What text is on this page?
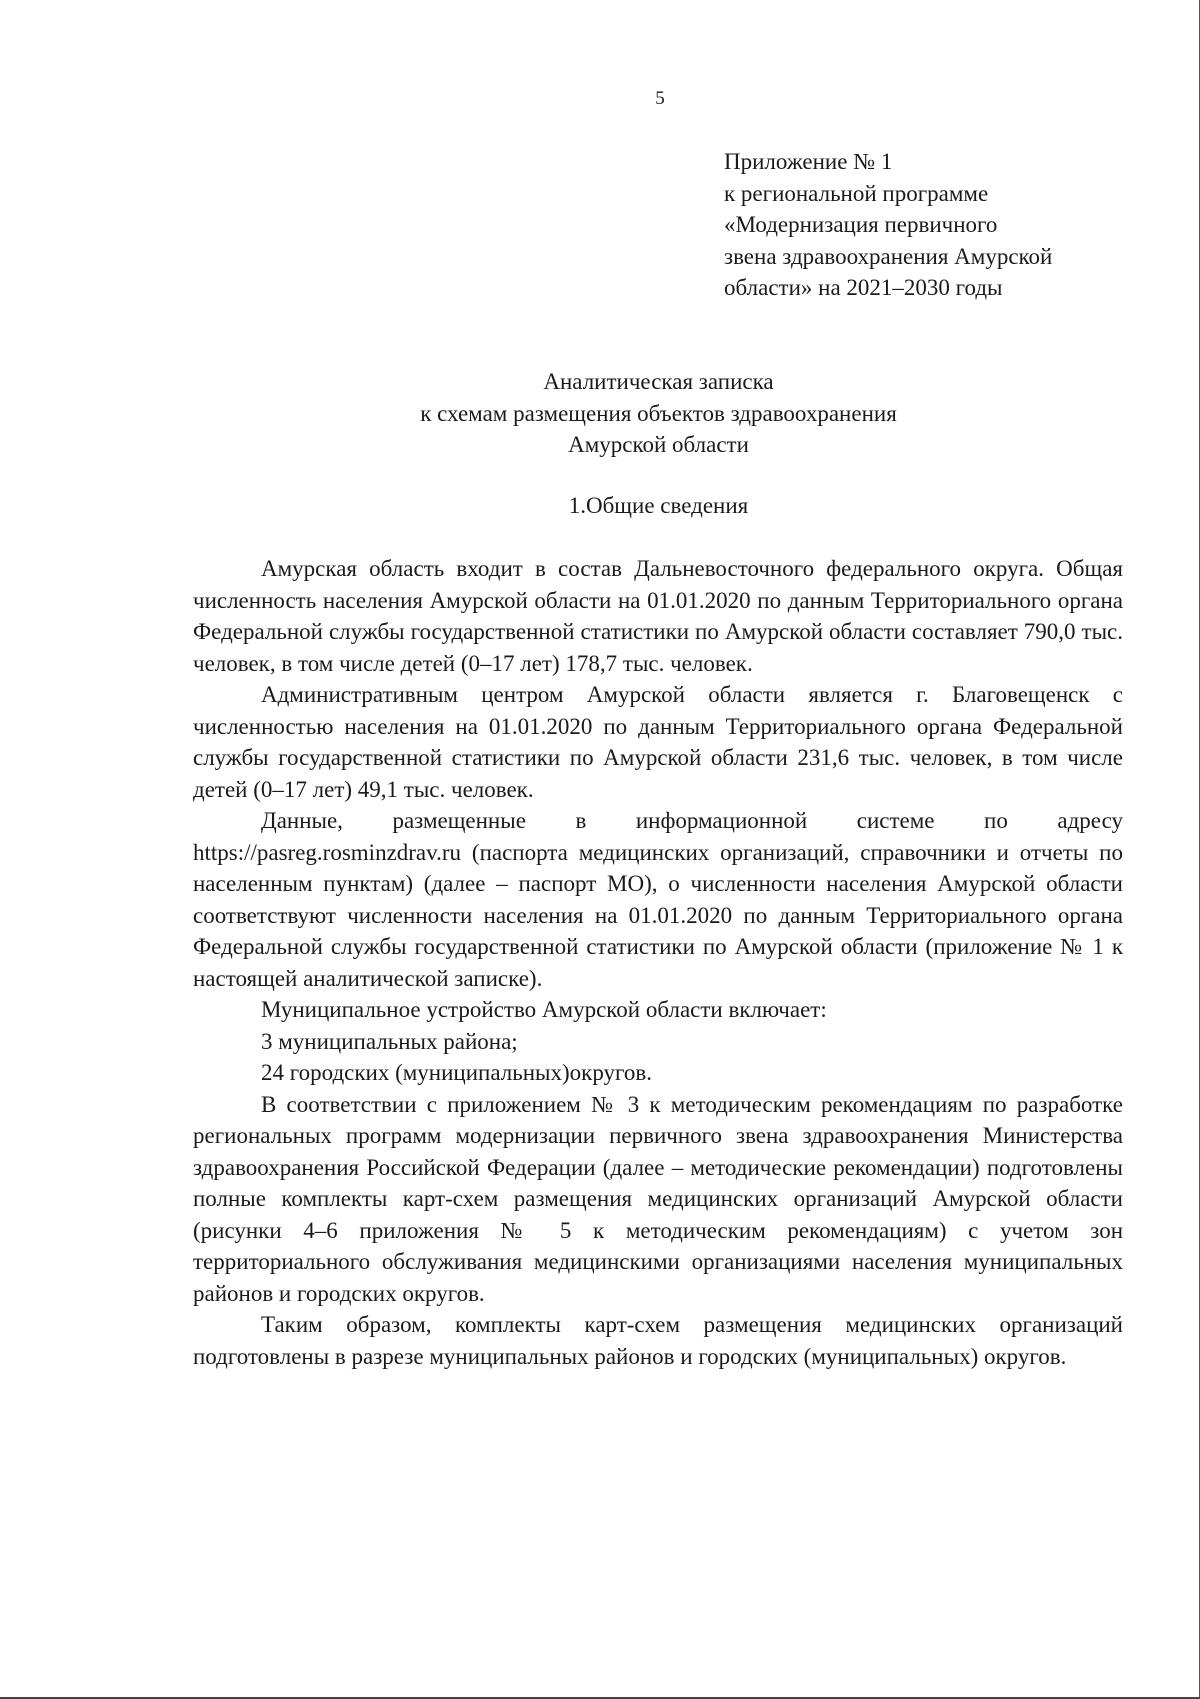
5
Приложение № 1
к региональной программе
«Модернизация первичного
звена здравоохранения Амурской
области» на 2021–2030 годы
Аналитическая записка
к схемам размещения объектов здравоохранения
Амурской области
1.Общие сведения

Амурская область входит в состав Дальневосточного федерального округа. Общая численность населения Амурской области на 01.01.2020 по данным Территориального органа Федеральной службы государственной статистики по Амурской области составляет 790,0 тыс. человек, в том числе детей (0–17 лет) 178,7 тыс. человек.

Административным центром Амурской области является г. Благовещенск с численностью населения на 01.01.2020 по данным Территориального органа Федеральной службы государственной статистики по Амурской области 231,6 тыс. человек, в том числе детей (0–17 лет) 49,1 тыс. человек.

Данные, размещенные в информационной системе по адресу https://pasreg.rosminzdrav.ru (паспорта медицинских организаций, справочники и отчеты по населенным пунктам) (далее – паспорт МО), о численности населения Амурской области соответствуют численности населения на 01.01.2020 по данным Территориального органа Федеральной службы государственной статистики по Амурской области (приложение № 1 к настоящей аналитической записке).

Муниципальное устройство Амурской области включает:

3 муниципальных района;

24 городских (муниципальных)округов.

В соответствии с приложением № 3 к методическим рекомендациям по разработке региональных программ модернизации первичного звена здравоохранения Министерства здравоохранения Российской Федерации (далее – методические рекомендации) подготовлены полные комплекты карт-схем размещения медицинских организаций Амурской области (рисунки 4–6 приложения № 5 к методическим рекомендациям) с учетом зон территориального обслуживания медицинскими организациями населения муниципальных районов и городских округов.

Таким образом, комплекты карт-схем размещения медицинских организаций подготовлены в разрезе муниципальных районов и городских (муниципальных) округов.
